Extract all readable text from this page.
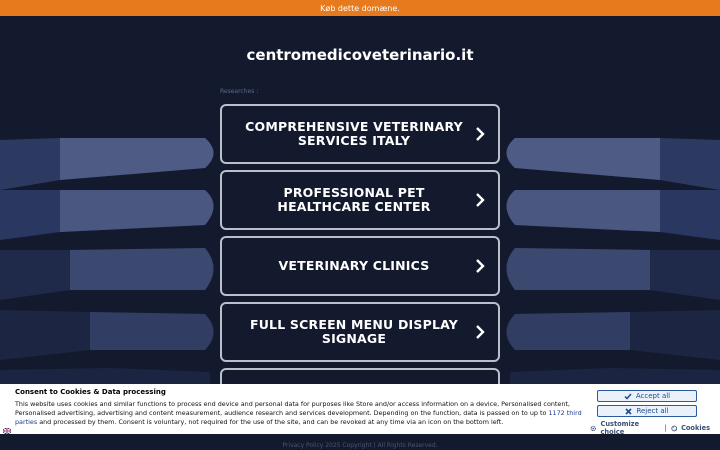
Køb dette domæne.
centromedicoveterinario.it
Researches :
COMPREHENSIVE VETERINARY SERVICES ITALY
PROFESSIONAL PET HEALTHCARE CENTER
VETERINARY CLINICS
FULL SCREEN MENU DISPLAY SIGNAGE
Privacy Policy 2025 Copyright | All Rights Reserved.
Consent to Cookies & Data processing
This website uses cookies and similar functions to process end device and personal data for purposes like Store and/or access information on a device, Personalised content, Personalised advertising, advertising and content measurement, audience research and services development. Depending on the function, data is passed on to up to 1172 third parties and processed by them. Consent is voluntary, not required for the use of the site, and can be revoked at any time via an icon on the bottom left.
Accept all
Reject all
Customize choice	| Cookies
